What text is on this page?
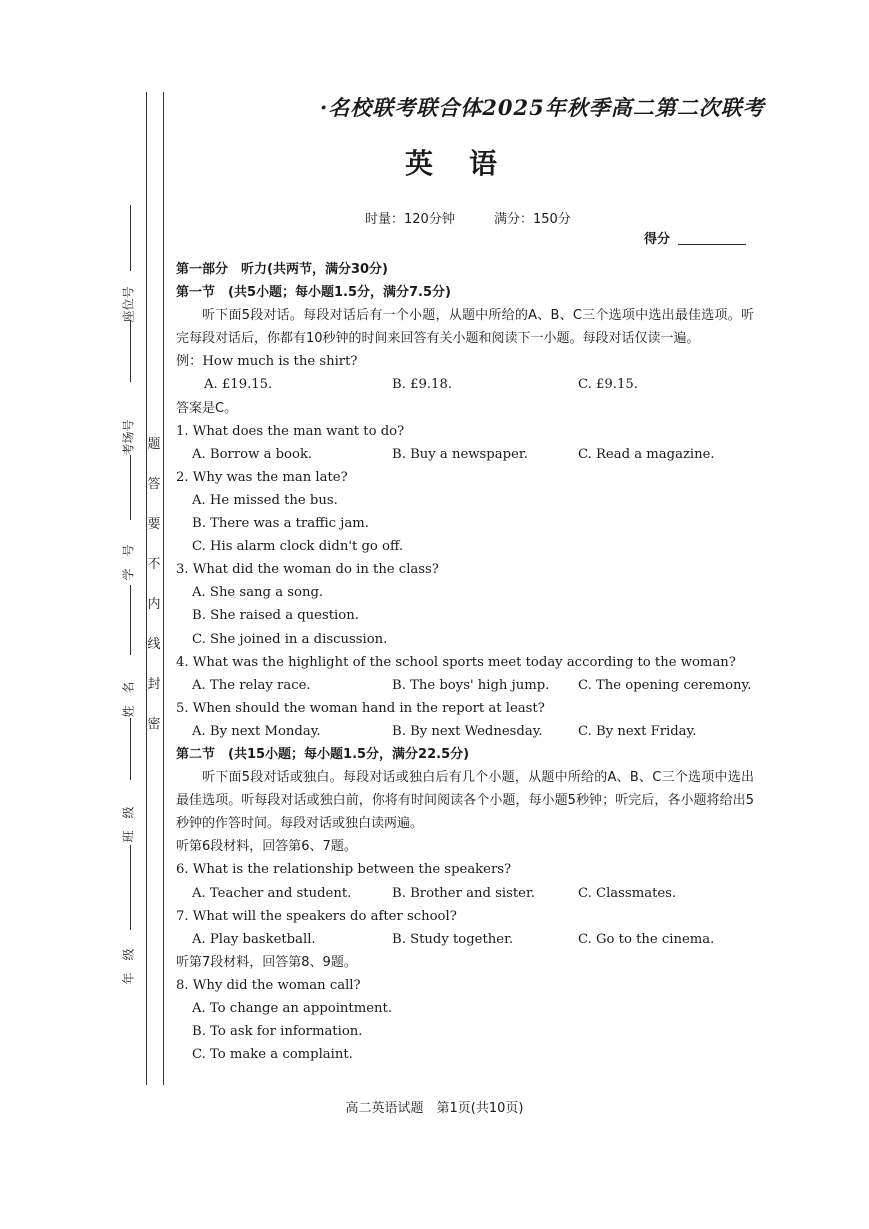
座位号
考场号
学　号
姓　名
班　级
年　级
题
答
要
不
内
线
封
密
·名校联考联合体2025年秋季高二第二次联考
英语
时量：120分钟	满分：150分
得分
第一部分　听力(共两节，满分30分)
第一节　(共5小题；每小题1.5分，满分7.5分)
听下面5段对话。每段对话后有一个小题，从题中所给的A、B、C三个选项中选出最佳选项。听完每段对话后，你都有10秒钟的时间来回答有关小题和阅读下一小题。每段对话仅读一遍。
例：How much is the shirt?
A. £19.15.	B. £9.18.	C. £9.15.
答案是C。
1. What does the man want to do?
A. Borrow a book.	B. Buy a newspaper.	C. Read a magazine.
2. Why was the man late?
A. He missed the bus.
B. There was a traffic jam.
C. His alarm clock didn't go off.
3. What did the woman do in the class?
A. She sang a song.
B. She raised a question.
C. She joined in a discussion.
4. What was the highlight of the school sports meet today according to the woman?
A. The relay race.	B. The boys' high jump. C. The opening ceremony.
5. When should the woman hand in the report at least?
A. By next Monday.	B. By next Wednesday.	C. By next Friday.
第二节　(共15小题；每小题1.5分，满分22.5分)
听下面5段对话或独白。每段对话或独白后有几个小题，从题中所给的A、B、C三个选项中选出最佳选项。听每段对话或独白前，你将有时间阅读各个小题，每小题5秒钟；听完后，各小题将给出5秒钟的作答时间。每段对话或独白读两遍。
听第6段材料，回答第6、7题。
6. What is the relationship between the speakers?
A. Teacher and student.	B. Brother and sister.	C. Classmates.
7. What will the speakers do after school?
A. Play basketball.	B. Study together.	C. Go to the cinema.
听第7段材料，回答第8、9题。
8. Why did the woman call?
A. To change an appointment.
B. To ask for information.
C. To make a complaint.
高二英语试题　第1页(共10页)
